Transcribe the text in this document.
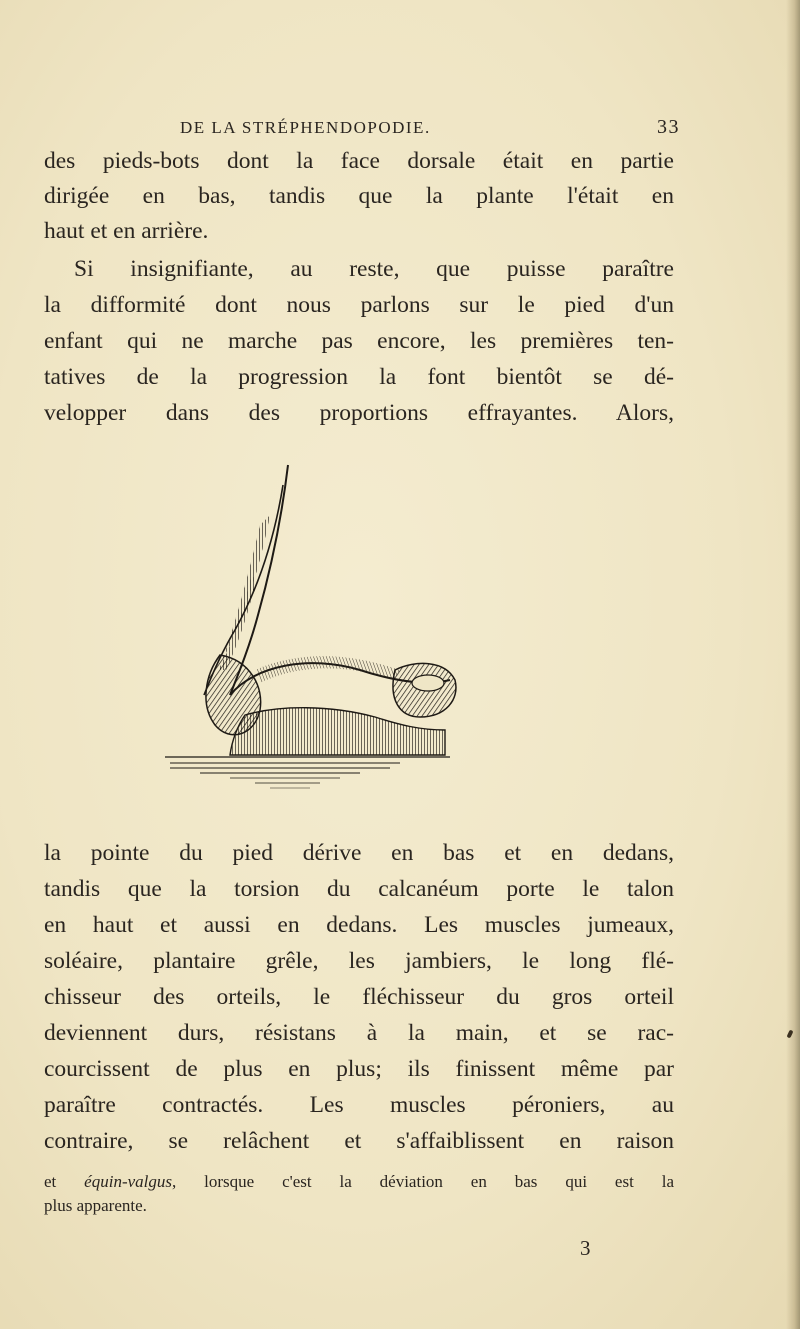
DE LA STRÉPHENDOPODIE.	33
des pieds-bots dont la face dorsale était en partie
dirigée en bas, tandis que la plante l'était en
haut et en arrière.
Si insignifiante, au reste, que puisse paraître
la difformité dont nous parlons sur le pied d'un
enfant qui ne marche pas encore, les premières ten-
tatives de la progression la font bientôt se dé-
velopper dans des proportions effrayantes. Alors,
la pointe du pied dérive en bas et en dedans,
tandis que la torsion du calcanéum porte le talon
en haut et aussi en dedans. Les muscles jumeaux,
soléaire, plantaire grêle, les jambiers, le long flé-
chisseur des orteils, le fléchisseur du gros orteil
deviennent durs, résistans à la main, et se rac-
courcissent de plus en plus; ils finissent même par
paraître contractés. Les muscles péroniers, au
contraire, se relâchent et s'affaiblissent en raison
et équin-valgus, lorsque c'est la déviation en bas qui est la
plus apparente.
3
